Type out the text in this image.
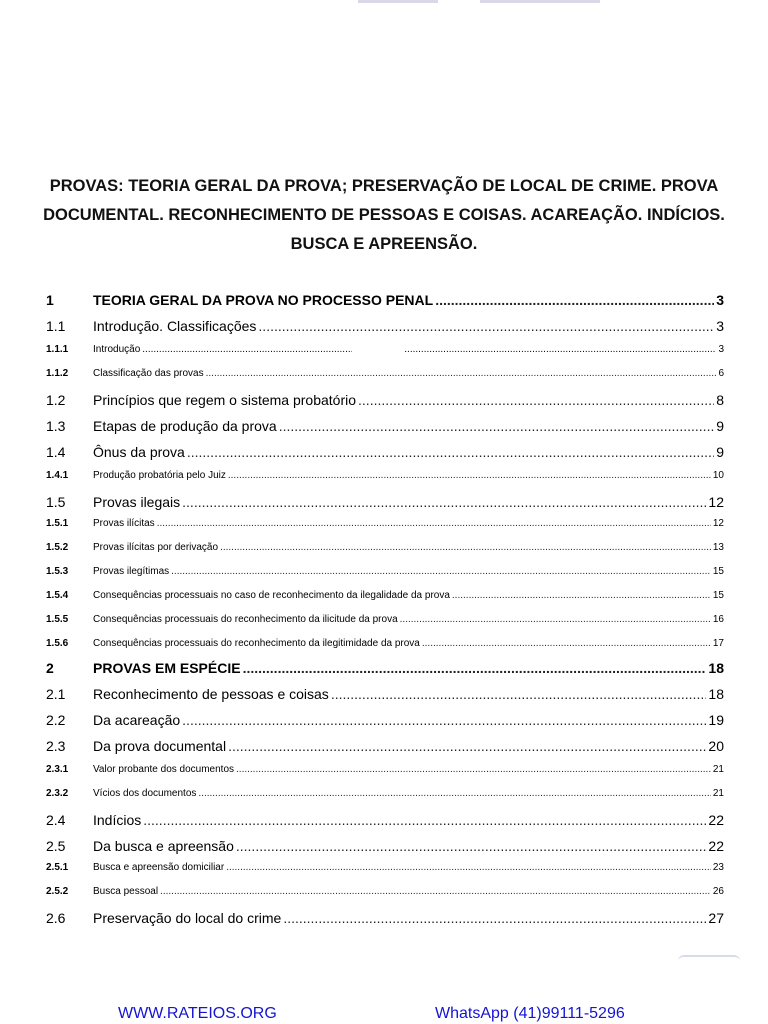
PROVAS: TEORIA GERAL DA PROVA; PRESERVAÇÃO DE LOCAL DE CRIME. PROVA DOCUMENTAL. RECONHECIMENTO DE PESSOAS E COISAS. ACAREAÇÃO. INDÍCIOS. BUSCA E APREENSÃO.
1	TEORIA GERAL DA PROVA NO PROCESSO PENAL .....	3
1.1	Introdução. Classificações .....	3
1.1.1	Introdução ..... .....	3
1.1.2	Classificação das provas .....	6
1.2	Princípios que regem o sistema probatório .....	8
1.3	Etapas de produção da prova .....	9
1.4	Ônus da prova .....	9
1.4.1	Produção probatória pelo Juiz .....	10
1.5	Provas ilegais .....	12
1.5.1	Provas ilícitas .....	12
1.5.2	Provas ilícitas por derivação .....	13
1.5.3	Provas ilegítimas .....	15
1.5.4	Consequências processuais no caso de reconhecimento da ilegalidade da prova .....	15
1.5.5	Consequências processuais do reconhecimento da ilicitude da prova .....	16
1.5.6	Consequências processuais do reconhecimento da ilegitimidade da prova .....	17
2	PROVAS EM ESPÉCIE .....	18
2.1	Reconhecimento de pessoas e coisas .....	18
2.2	Da acareação .....	19
2.3	Da prova documental .....	20
2.3.1	Valor probante dos documentos .....	21
2.3.2	Vícios dos documentos .....	21
2.4	Indícios .....	22
2.5	Da busca e apreensão .....	22
2.5.1	Busca e apreensão domiciliar .....	23
2.5.2	Busca pessoal .....	26
2.6	Preservação do local do crime .....	27
WWW.RATEIOS.ORG	WhatsApp (41)99111-5296
